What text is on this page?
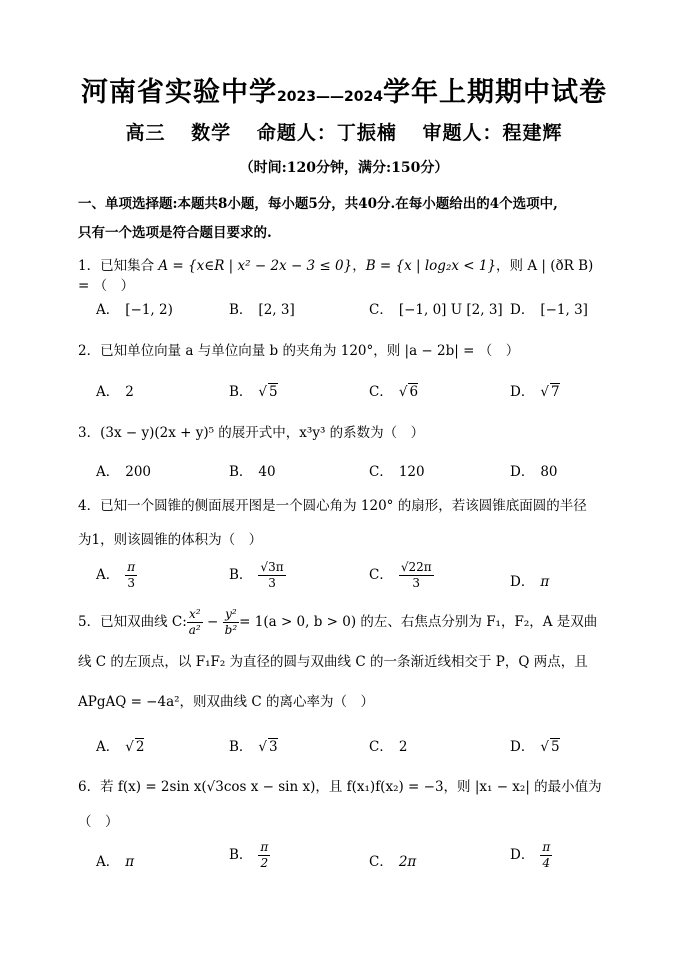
河南省实验中学2023——2024学年上期期中试卷
高三 数学 命题人：丁振楠 审题人：程建辉
（时间:120分钟，满分:150分）
一、单项选择题:本题共8小题，每小题5分，共40分.在每小题给出的4个选项中,
只有一个选项是符合题目要求的.
1．已知集合 A = {x∈R | x² − 2x − 3 ≤ 0}，B = {x | log₂x < 1}，则 A | (ðR B) = （　）
A． [−1, 2)	B． [2, 3]	C． [−1, 0] U [2, 3] D． [−1, 3]
2．已知单位向量 a 与单位向量 b 的夹角为 120°，则 |a − 2b| = （　）
A． 2	B． √ 5	C． √ 6	D． √ 7
3．(3x − y)(2x + y)⁵ 的展开式中，x³y³ 的系数为（　）
A． 200	B． 40	C． 120	D． 80
4．已知一个圆锥的侧面展开图是一个圆心角为 120° 的扇形，若该圆锥底面圆的半径
为1，则该圆锥的体积为（　）
A． $\frac{\pi}{3}$	B． $\frac{√3\pi}{3}$	C． $\frac{√22\pi}{3}$	D． π
5．已知双曲线 C: $\frac{\text{x²}}{\text{a²}} - \frac{\text{y²}}{\text{b²}} = 1(a > 0$, b > 0) 的左、右焦点分别为 F₁，F₂，A 是双曲
线 C 的左顶点，以 F₁F₂ 为直径的圆与双曲线 C 的一条渐近线相交于 P，Q 两点，且
APgAQ = −4a²，则双曲线 C 的离心率为（　）
A． √ 2	B． √ 3	C． 2	D． √ 5
6．若 f(x) = 2sin x(√3cos x − sin x)，且 f(x₁)f(x₂) = −3，则 |x₁ − x₂| 的最小值为
（　）
A． π	B． $\frac{\pi}{2}$	C． 2π	D． $\frac{\pi}{4}$
